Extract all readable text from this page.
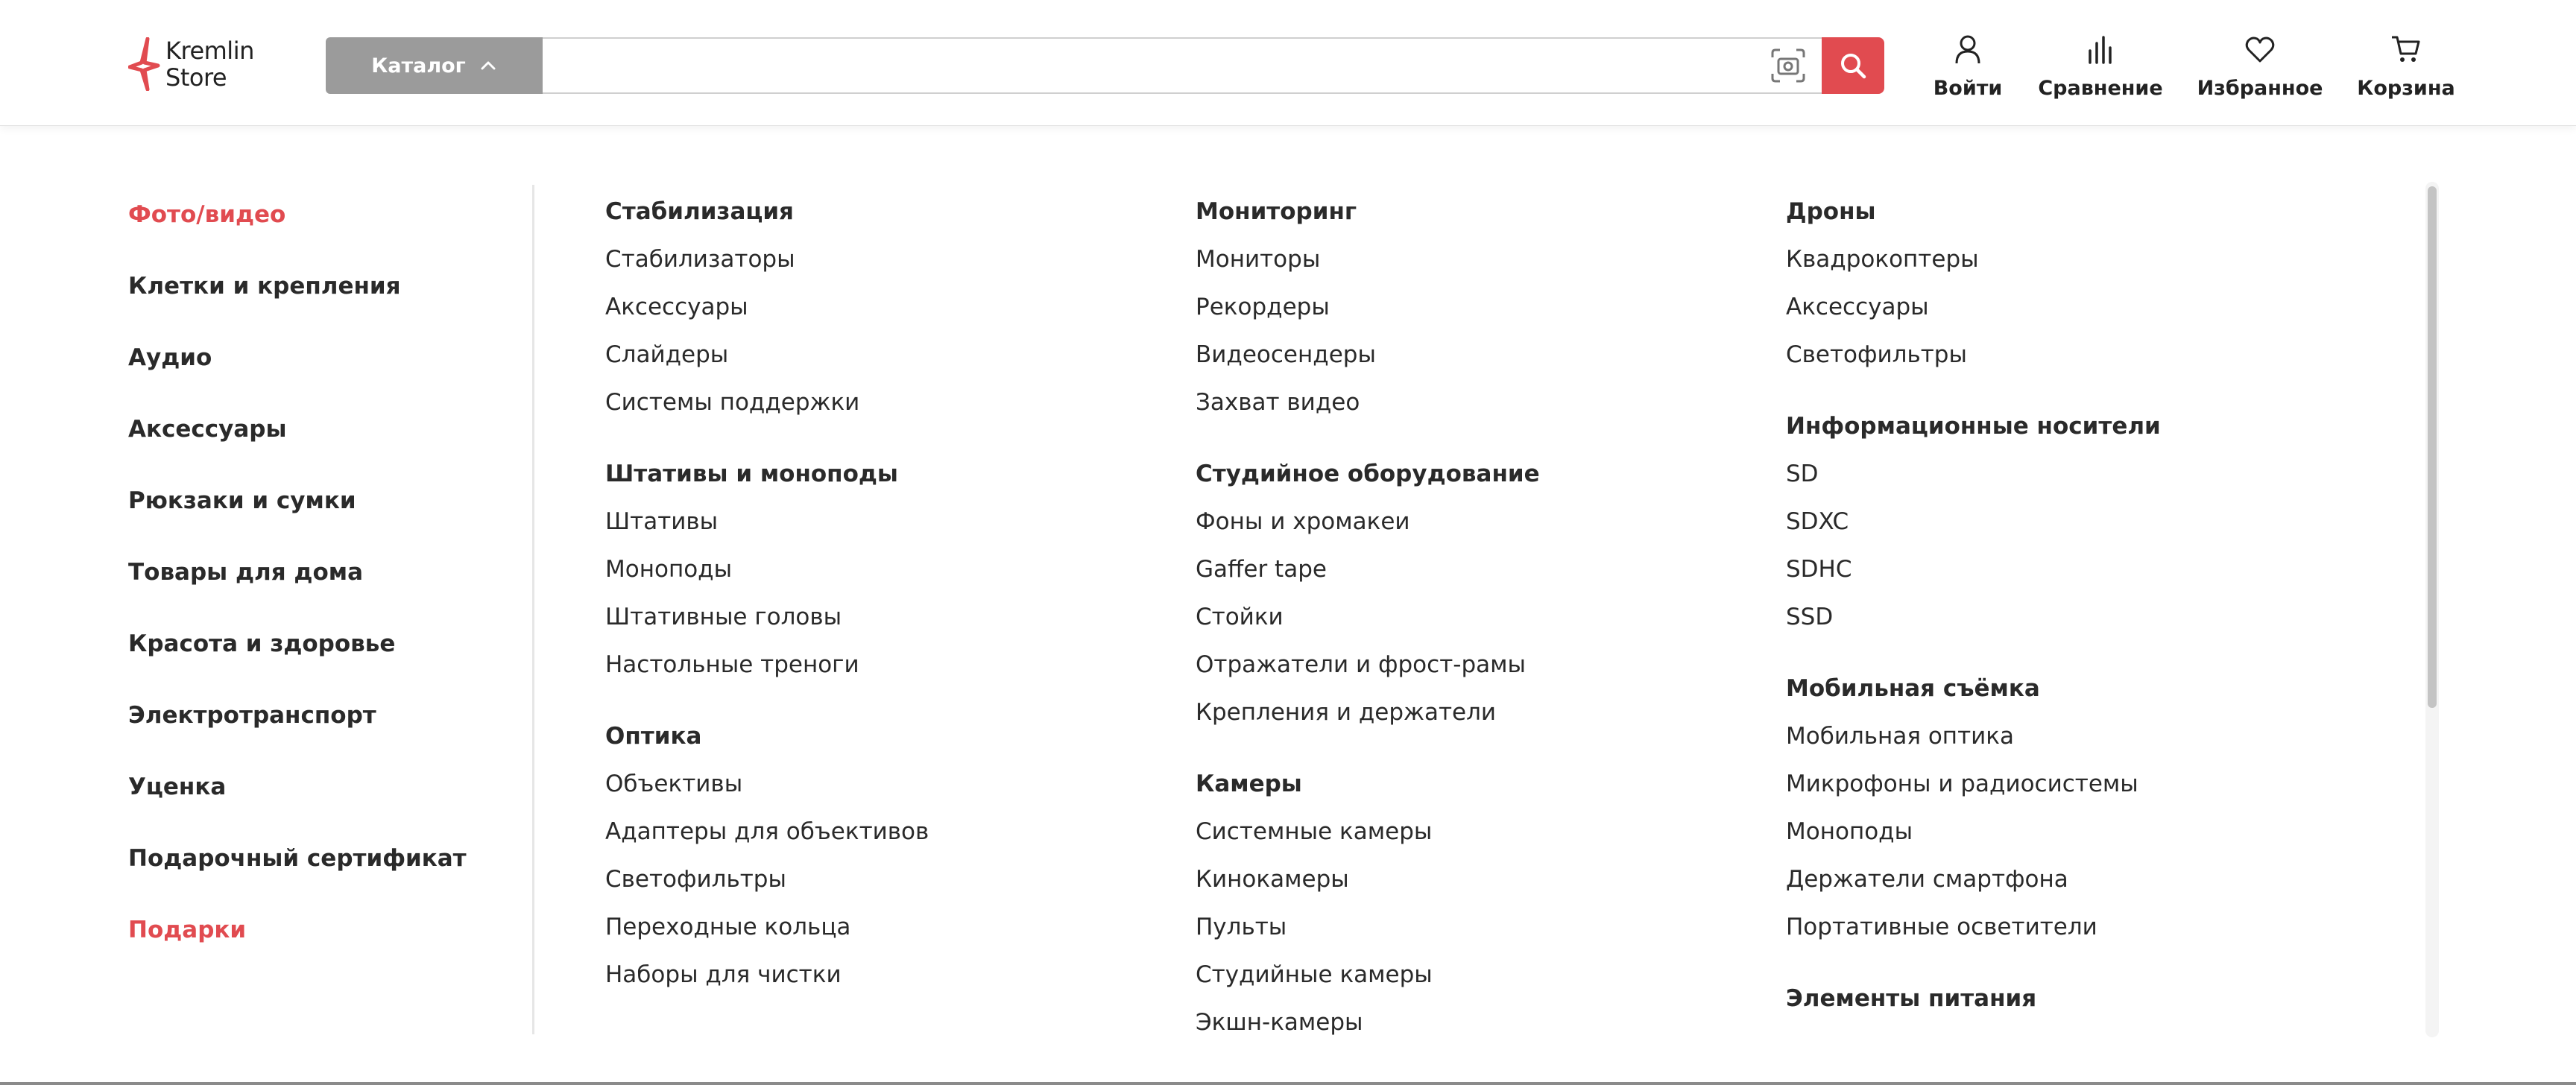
Kremlin
Store	Каталог
Войти Сравнение Избранное Корзина
Фото/видео
Клетки и крепления
Аудио
Аксессуары
Рюкзаки и сумки
Товары для дома
Красота и здоровье
Электротранспорт
Уценка
Подарочный сертификат
Подарки
Стабилизация
Стабилизаторы
Аксессуары
Слайдеры
Системы поддержки
Штативы и моноподы
Штативы
Моноподы
Штативные головы
Настольные треноги
Оптика
Объективы
Адаптеры для объективов
Светофильтры
Переходные кольца
Наборы для чистки
Мониторинг
Мониторы
Рекордеры
Видеосендеры
Захват видео
Студийное оборудование
Фоны и хромакеи
Gaffer tape
Стойки
Отражатели и фрост-рамы
Крепления и держатели
Камеры
Системные камеры
Кинокамеры
Пульты
Студийные камеры
Экшн-камеры
Дроны
Квадрокоптеры
Аксессуары
Светофильтры
Информационные носители
SD
SDXC
SDHC
SSD
Мобильная съёмка
Мобильная оптика
Микрофоны и радиосистемы
Моноподы
Держатели смартфона
Портативные осветители
Элементы питания
